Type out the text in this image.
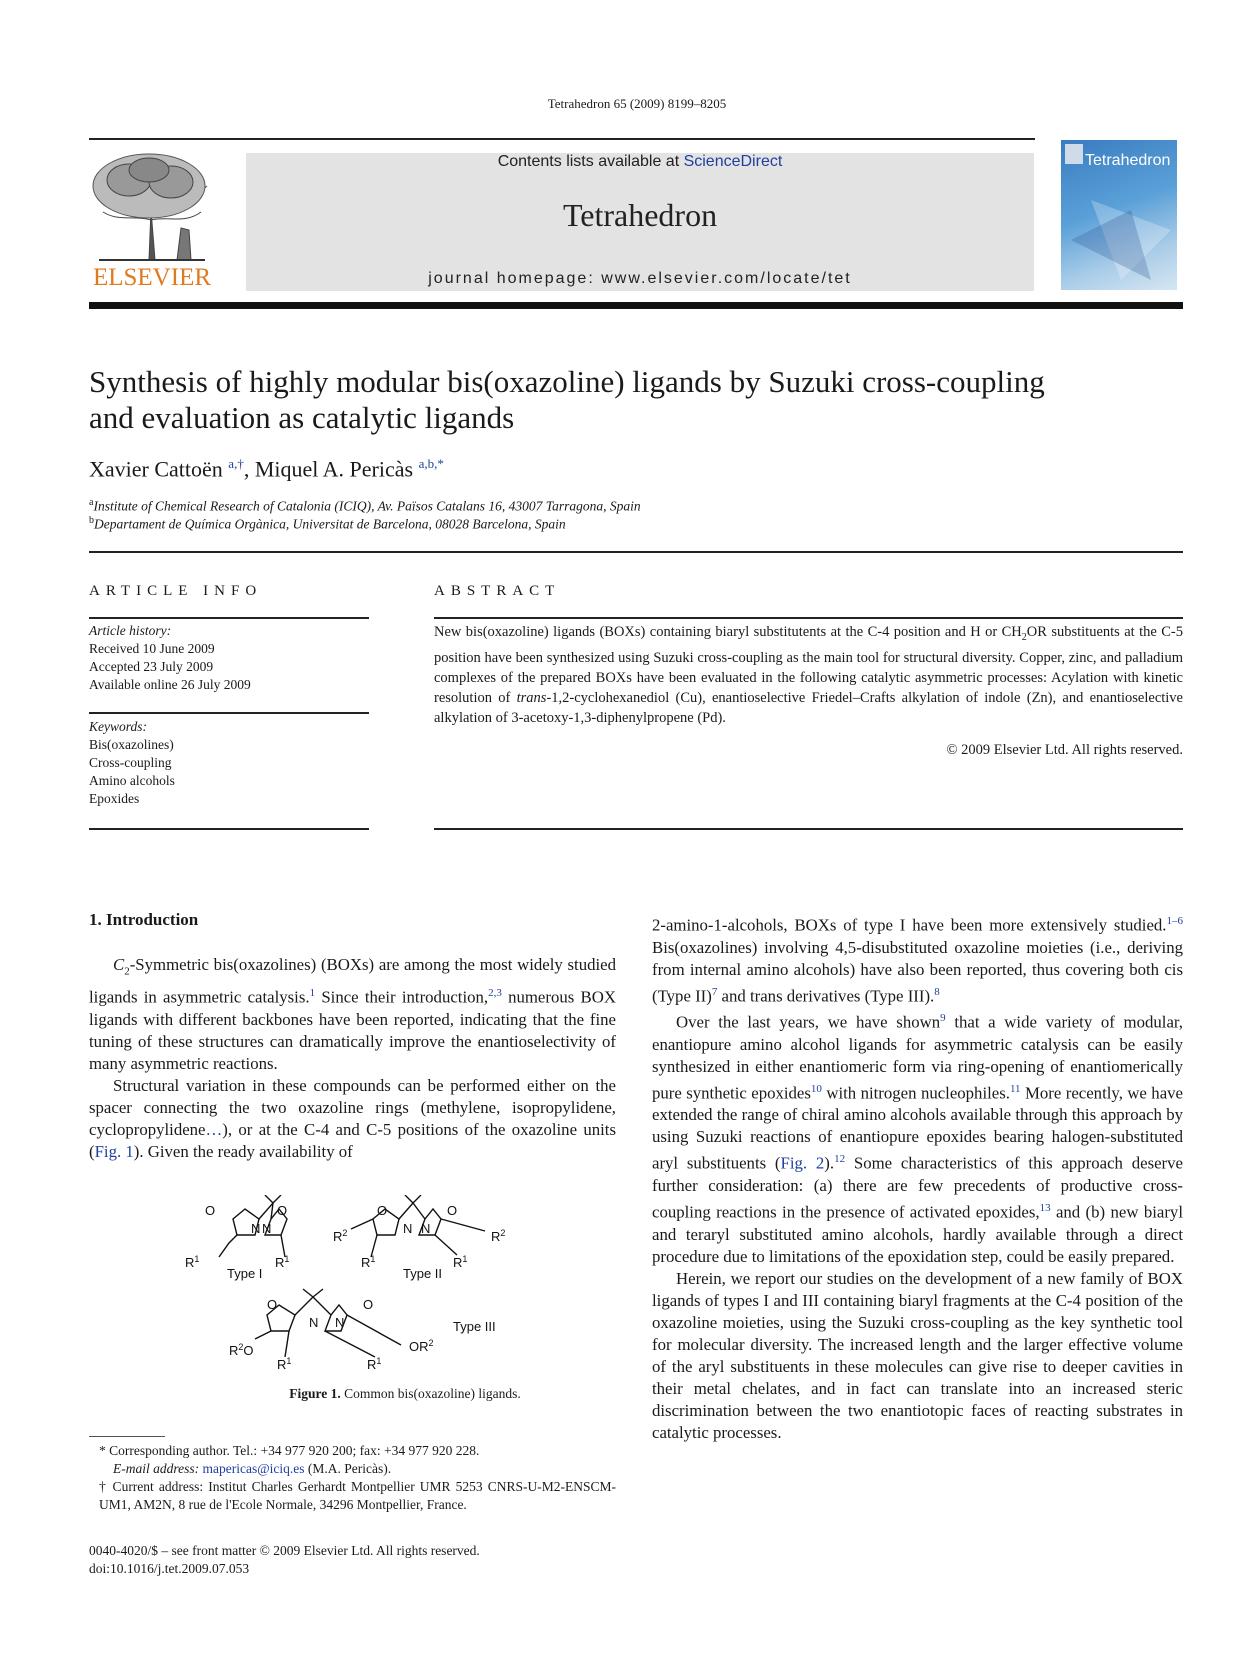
Tetrahedron 65 (2009) 8199–8205
ELSEVIER
Contents lists available at ScienceDirect
Tetrahedron
journal homepage: www.elsevier.com/locate/tet
Tetrahedron
Synthesis of highly modular bis(oxazoline) ligands by Suzuki cross-coupling
and evaluation as catalytic ligands
Xavier Cattoën $^{a,\dagger}$, Miquel A. Pericàs $^{a,b,*}$
$^a$Institute of Chemical Research of Catalonia (ICIQ), Av. Països Catalans 16, 43007 Tarragona, Spain
$^b$Departament de Química Orgànica, Universitat de Barcelona, 08028 Barcelona, Spain
ARTICLE INFO
Article history:
Received 10 June 2009
Accepted 23 July 2009
Available online 26 July 2009
Keywords:
Bis(oxazolines)
Cross-coupling
Amino alcohols
Epoxides
ABSTRACT
New bis(oxazoline) ligands (BOXs) containing biaryl substitutents at the C-4 position and H or $CH_2OR$ substituents at the C-5 position have been synthesized using Suzuki cross-coupling as the main tool for structural diversity. Copper, zinc, and palladium complexes of the prepared BOXs have been evaluated in the following catalytic asymmetric processes: Acylation with kinetic resolution of trans-1,2-cyclohexanediol (Cu), enantioselective Friedel–Crafts alkylation of indole (Zn), and enantioselective alkylation of 3-acetoxy-1,3-diphenylpropene (Pd).
© 2009 Elsevier Ltd. All rights reserved.
1. Introduction

$C_2$-Symmetric bis(oxazolines) (BOXs) are among the most widely studied ligands in asymmetric catalysis.$^1$ Since their introduction,$^{2,3}$ numerous BOX ligands with different backbones have been reported, indicating that the fine tuning of these structures can dramatically improve the enantioselectivity of many asymmetric reactions.

Structural variation in these compounds can be performed either on the spacer connecting the two oxazoline rings (methylene, isopropylidene, cyclopropylidene…), or at the C-4 and C-5 positions of the oxazoline units (Fig. 1). Given the ready availability of

O
N N
O
$R^1$	$R^1$
Type I
$R^2$
O
N N
O
$R^2$
$R^1$	$R^1$
Type II
O
N N
O
$R^2O$	$OR^2$
$R^1$	$R^1$
Type III
Figure 1. Common bis(oxazoline) ligands.
* Corresponding author. Tel.: +34 977 920 200; fax: +34 977 920 228.
E-mail address: mapericas@iciq.es (M.A. Pericàs).
† Current address: Institut Charles Gerhardt Montpellier UMR 5253 CNRS-U-M2-ENSCM-UM1, AM2N, 8 rue de l'Ecole Normale, 34296 Montpellier, France.
0040-4020/$ – see front matter © 2009 Elsevier Ltd. All rights reserved.
doi:10.1016/j.tet.2009.07.053

2-amino-1-alcohols, BOXs of type I have been more extensively studied.$^{1-6}$ Bis(oxazolines) involving 4,5-disubstituted oxazoline moieties (i.e., deriving from internal amino alcohols) have also been reported, thus covering both cis (Type II)$^7$ and trans derivatives (Type III).$^8$

Over the last years, we have shown$^9$ that a wide variety of modular, enantiopure amino alcohol ligands for asymmetric catalysis can be easily synthesized in either enantiomeric form via ring-opening of enantiomerically pure synthetic epoxides$^{10}$ with nitrogen nucleophiles.$^{11}$ More recently, we have extended the range of chiral amino alcohols available through this approach by using Suzuki reactions of enantiopure epoxides bearing halogen-substituted aryl substituents (Fig. 2).$^{12}$ Some characteristics of this approach deserve further consideration: (a) there are few precedents of productive cross-coupling reactions in the presence of activated epoxides,$^{13}$ and (b) new biaryl and teraryl substituted amino alcohols, hardly available through a direct procedure due to limitations of the epoxidation step, could be easily prepared.

Herein, we report our studies on the development of a new family of BOX ligands of types I and III containing biaryl fragments at the C-4 position of the oxazoline moieties, using the Suzuki cross-coupling as the key synthetic tool for molecular diversity. The increased length and the larger effective volume of the aryl substituents in these molecules can give rise to deeper cavities in their metal chelates, and in fact can translate into an increased steric discrimination between the two enantiotopic faces of reacting substrates in catalytic processes.
